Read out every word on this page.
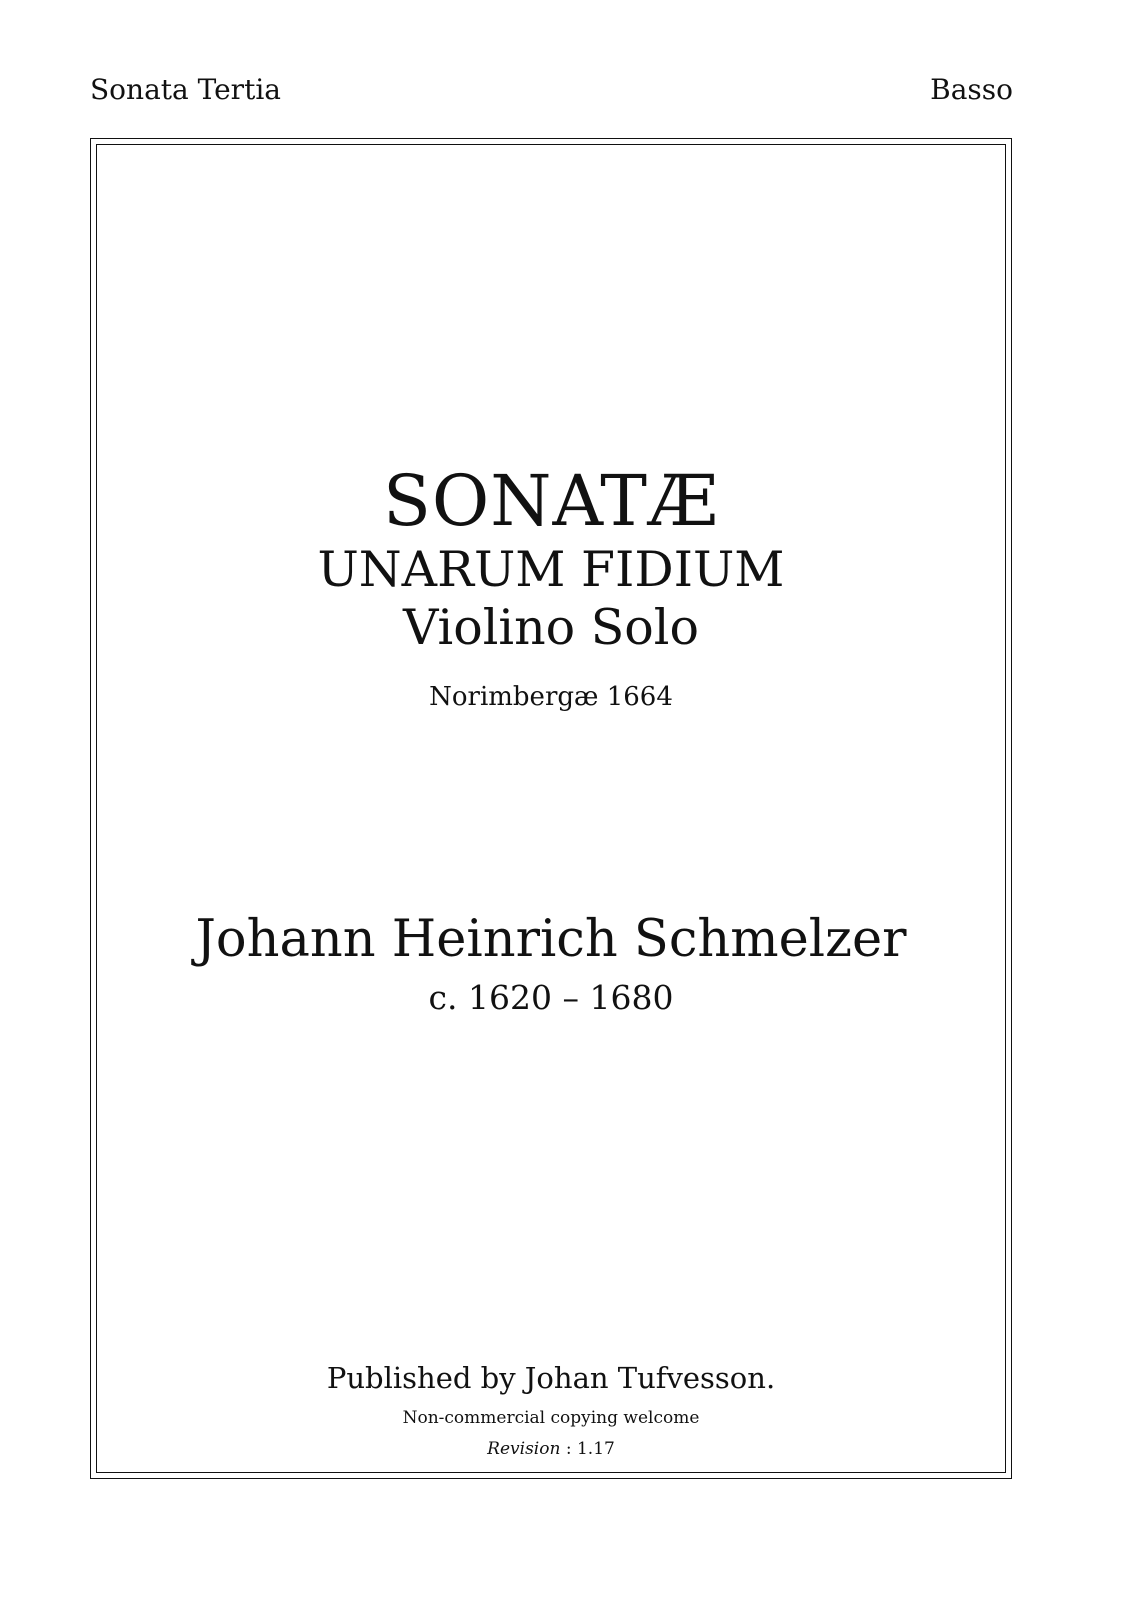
Sonata Tertia	Basso
SONATÆ
UNARUM FIDIUM
Violino Solo
Norimbergæ 1664
Johann Heinrich Schmelzer
c. 1620 – 1680
Published by Johan Tufvesson.
Non-commercial copying welcome
Revision : 1.17
